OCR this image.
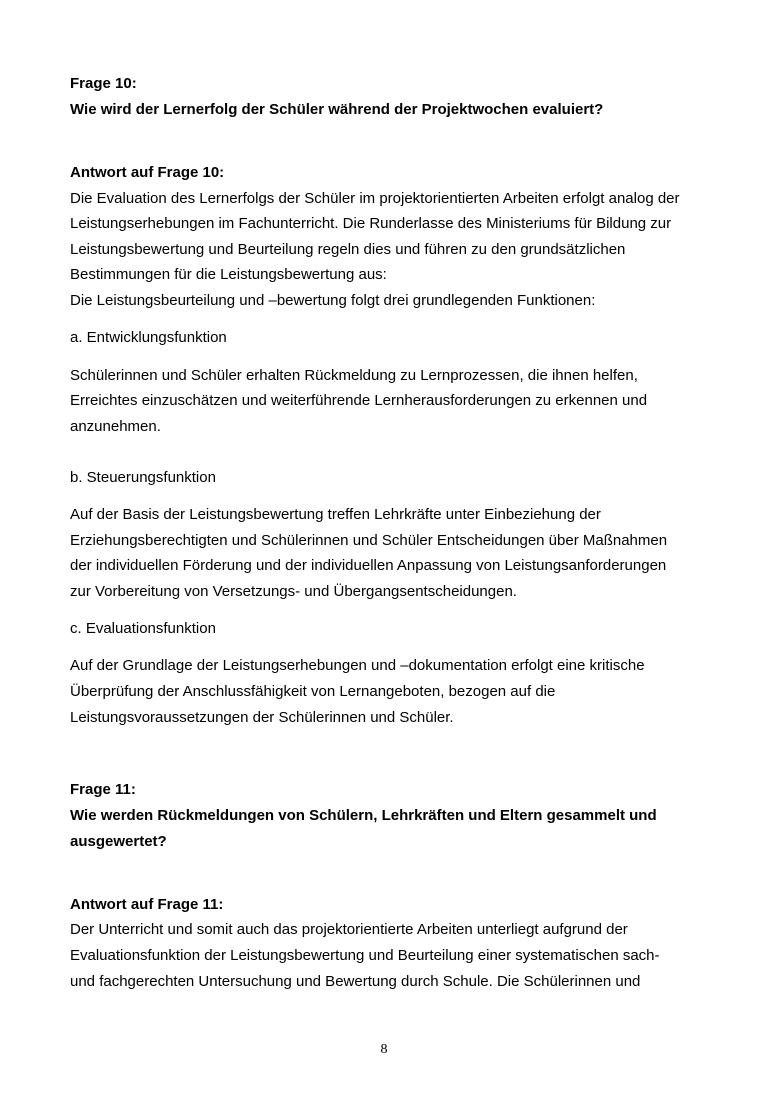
Frage 10:
Wie wird der Lernerfolg der Schüler während der Projektwochen evaluiert?
Antwort auf Frage 10:
Die Evaluation des Lernerfolgs der Schüler im projektorientierten Arbeiten erfolgt analog der
Leistungserhebungen im Fachunterricht. Die Runderlasse des Ministeriums für Bildung zur
Leistungsbewertung und Beurteilung regeln dies und führen zu den grundsätzlichen
Bestimmungen für die Leistungsbewertung aus:
Die Leistungsbeurteilung und –bewertung folgt drei grundlegenden Funktionen:
a. Entwicklungsfunktion
Schülerinnen und Schüler erhalten Rückmeldung zu Lernprozessen, die ihnen helfen,
Erreichtes einzuschätzen und weiterführende Lernherausforderungen zu erkennen und
anzunehmen.
b. Steuerungsfunktion
Auf der Basis der Leistungsbewertung treffen Lehrkräfte unter Einbeziehung der
Erziehungsberechtigten und Schülerinnen und Schüler Entscheidungen über Maßnahmen
der individuellen Förderung und der individuellen Anpassung von Leistungsanforderungen
zur Vorbereitung von Versetzungs- und Übergangsentscheidungen.
c. Evaluationsfunktion
Auf der Grundlage der Leistungserhebungen und –dokumentation erfolgt eine kritische
Überprüfung der Anschlussfähigkeit von Lernangeboten, bezogen auf die
Leistungsvoraussetzungen der Schülerinnen und Schüler.
Frage 11:
Wie werden Rückmeldungen von Schülern, Lehrkräften und Eltern gesammelt und
ausgewertet?
Antwort auf Frage 11:
Der Unterricht und somit auch das projektorientierte Arbeiten unterliegt aufgrund der
Evaluationsfunktion der Leistungsbewertung und Beurteilung einer systematischen sach-
und fachgerechten Untersuchung und Bewertung durch Schule. Die Schülerinnen und
8
